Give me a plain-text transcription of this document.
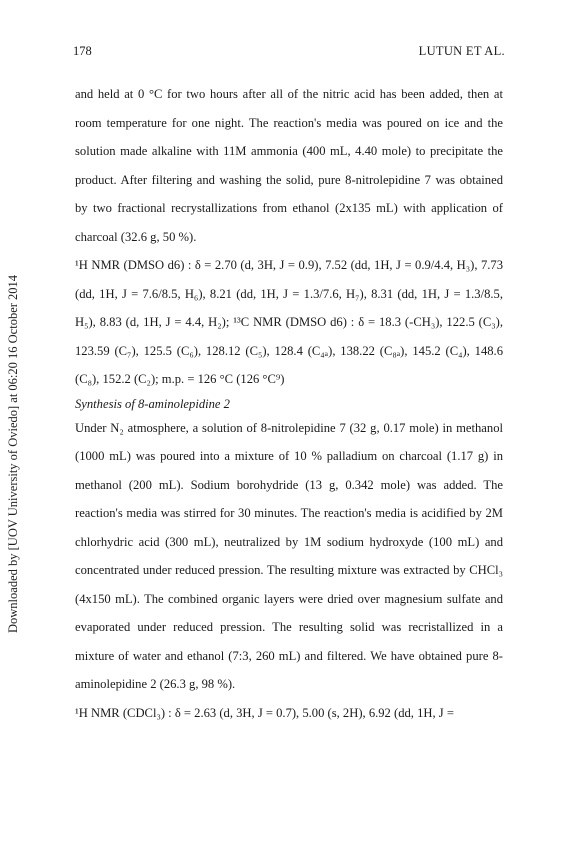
178	LUTUN ET AL.
Downloaded by [UOV University of Oviedo] at 06:20 16 October 2014

and held at 0 °C for two hours after all of the nitric acid has been added, then at room temperature for one night. The reaction's media was poured on ice and the solution made alkaline with 11M ammonia (400 mL, 4.40 mole) to precipitate the product. After filtering and washing the solid, pure 8-nitrolepidine 7 was obtained by two fractional recrystallizations from ethanol (2x135 mL) with application of charcoal (32.6 g, 50 %).

¹H NMR (DMSO d6) : δ = 2.70 (d, 3H, J = 0.9), 7.52 (dd, 1H, J = 0.9/4.4, H₃), 7.73 (dd, 1H, J = 7.6/8.5, H₆), 8.21 (dd, 1H, J = 1.3/7.6, H₇), 8.31 (dd, 1H, J = 1.3/8.5, H₅), 8.83 (d, 1H, J = 4.4, H₂); ¹³C NMR (DMSO d6) : δ = 18.3 (-CH₃), 122.5 (C₃), 123.59 (C₇), 125.5 (C₆), 128.12 (C₅), 128.4 (C₄ₐ), 138.22 (C₈ₐ), 145.2 (C₄), 148.6 (C₈), 152.2 (C₂); m.p. = 126 °C (126 °C⁹)

Synthesis of 8-aminolepidine 2

Under N₂ atmosphere, a solution of 8-nitrolepidine 7 (32 g, 0.17 mole) in methanol (1000 mL) was poured into a mixture of 10 % palladium on charcoal (1.17 g) in methanol (200 mL). Sodium borohydride (13 g, 0.342 mole) was added. The reaction's media was stirred for 30 minutes. The reaction's media is acidified by 2M chlorhydric acid (300 mL), neutralized by 1M sodium hydroxyde (100 mL) and concentrated under reduced pression. The resulting mixture was extracted by CHCl₃ (4x150 mL). The combined organic layers were dried over magnesium sulfate and evaporated under reduced pression. The resulting solid was recristallized in a mixture of water and ethanol (7:3, 260 mL) and filtered. We have obtained pure 8-aminolepidine 2 (26.3 g, 98 %).

¹H NMR (CDCl₃) : δ = 2.63 (d, 3H, J = 0.7), 5.00 (s, 2H), 6.92 (dd, 1H, J =
